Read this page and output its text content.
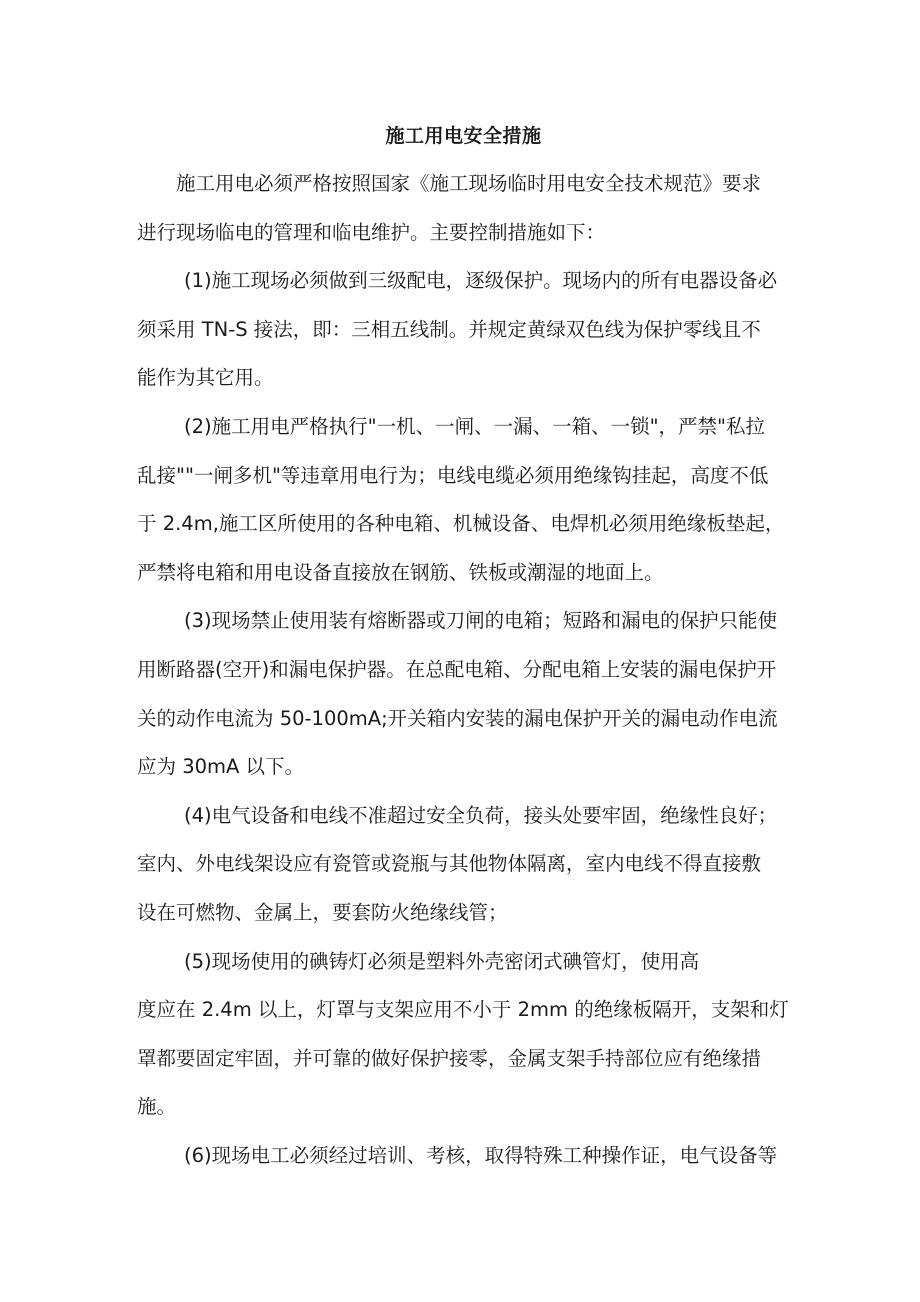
施工用电安全措施

施工用电必须严格按照国家《施工现场临时用电安全技术规范》要求
进行现场临电的管理和临电维护。主要控制措施如下：

(1)施工现场必须做到三级配电，逐级保护。现场内的所有电器设备必
须采用 TN-S 接法，即：三相五线制。并规定黄绿双色线为保护零线且不
能作为其它用。

(2)施工用电严格执行"一机、一闸、一漏、一箱、一锁"，严禁"私拉
乱接""一闸多机"等违章用电行为；电线电缆必须用绝缘钩挂起，高度不低
于 2.4m,施工区所使用的各种电箱、机械设备、电焊机必须用绝缘板垫起，
严禁将电箱和用电设备直接放在钢筋、铁板或潮湿的地面上。

(3)现场禁止使用装有熔断器或刀闸的电箱；短路和漏电的保护只能使
用断路器(空开)和漏电保护器。在总配电箱、分配电箱上安装的漏电保护开
关的动作电流为 50-100mA;开关箱内安装的漏电保护开关的漏电动作电流
应为 30mA 以下。

(4)电气设备和电线不准超过安全负荷，接头处要牢固，绝缘性良好；
室内、外电线架设应有瓷管或瓷瓶与其他物体隔离，室内电线不得直接敷
设在可燃物、金属上，要套防火绝缘线管；

(5)现场使用的碘铸灯必须是塑料外壳密闭式碘管灯，使用高
度应在 2.4m 以上，灯罩与支架应用不小于 2mm 的绝缘板隔开，支架和灯
罩都要固定牢固，并可靠的做好保护接零，金属支架手持部位应有绝缘措
施。

(6)现场电工必须经过培训、考核，取得特殊工种操作证，电气设备等
